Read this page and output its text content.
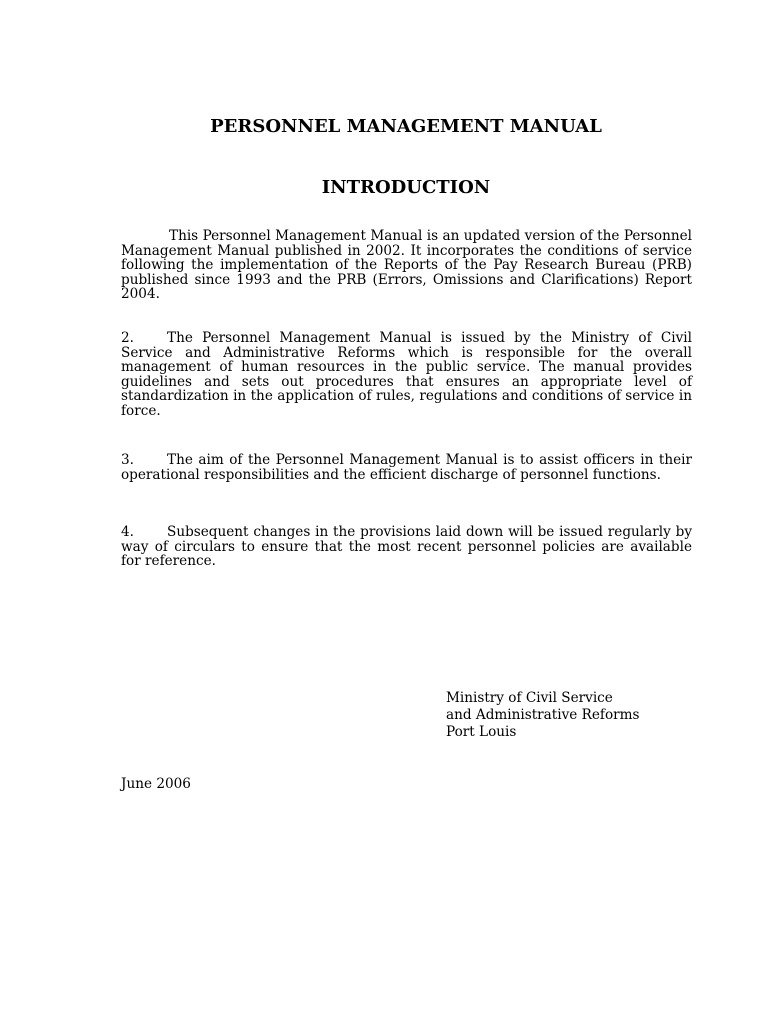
PERSONNEL MANAGEMENT MANUAL
INTRODUCTION

This Personnel Management Manual is an updated version of the Personnel Management Manual published in 2002. It incorporates the conditions of service following the implementation of the Reports of the Pay Research Bureau (PRB) published since 1993 and the PRB (Errors, Omissions and Clarifications) Report 2004.

2. The Personnel Management Manual is issued by the Ministry of Civil Service and Administrative Reforms which is responsible for the overall management of human resources in the public service. The manual provides guidelines and sets out procedures that ensures an appropriate level of standardization in the application of rules, regulations and conditions of service in force.

3. The aim of the Personnel Management Manual is to assist officers in their operational responsibilities and the efficient discharge of personnel functions.

4. Subsequent changes in the provisions laid down will be issued regularly by way of circulars to ensure that the most recent personnel policies are available for reference.

Ministry of Civil Service
and Administrative Reforms
Port Louis
June 2006
